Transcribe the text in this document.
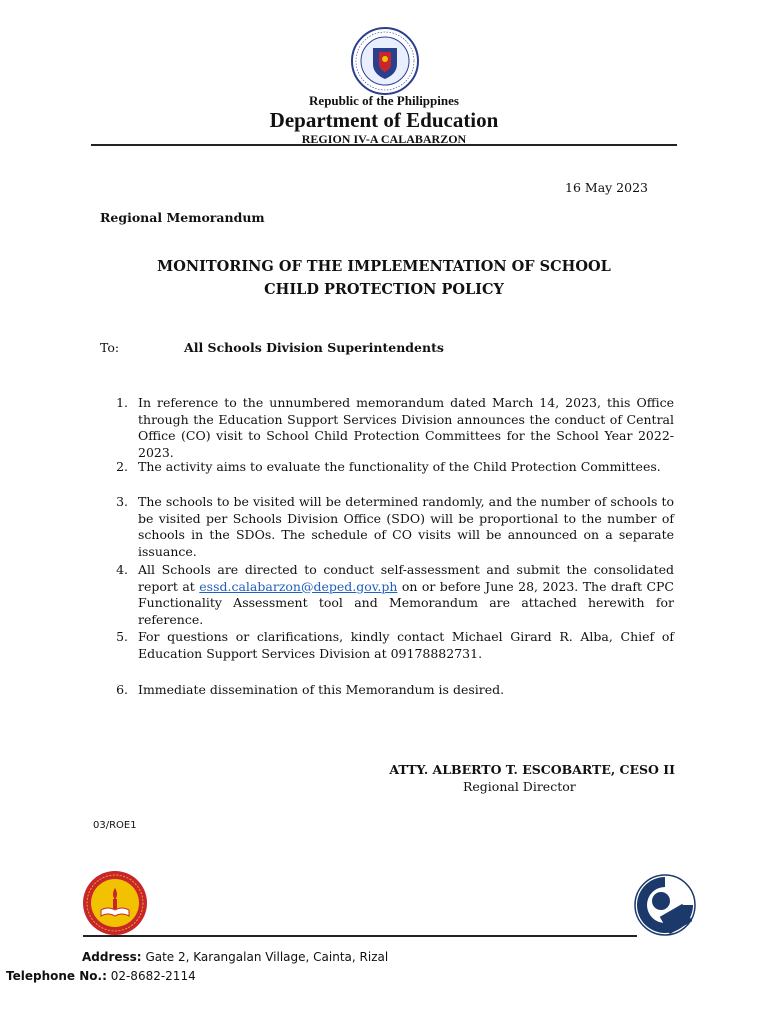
Republic of the Philippines
Department of Education
REGION IV-A CALABARZON
16 May 2023
Regional Memorandum
MONITORING OF THE IMPLEMENTATION OF SCHOOL CHILD PROTECTION POLICY
To:	All Schools Division Superintendents
1. In reference to the unnumbered memorandum dated March 14, 2023, this Office through the Education Support Services Division announces the conduct of Central Office (CO) visit to School Child Protection Committees for the School Year 2022-2023.
2. The activity aims to evaluate the functionality of the Child Protection Committees.
3. The schools to be visited will be determined randomly, and the number of schools to be visited per Schools Division Office (SDO) will be proportional to the number of schools in the SDOs. The schedule of CO visits will be announced on a separate issuance.
4. All Schools are directed to conduct self-assessment and submit the consolidated report at essd.calabarzon@deped.gov.ph on or before June 28, 2023. The draft CPC Functionality Assessment tool and Memorandum are attached herewith for reference.
5. For questions or clarifications, kindly contact Michael Girard R. Alba, Chief of Education Support Services Division at 09178882731.
6. Immediate dissemination of this Memorandum is desired.
ATTY. ALBERTO T. ESCOBARTE, CESO II
Regional Director
03/ROE1
Address: Gate 2, Karangalan Village, Cainta, Rizal
Telephone No.: 02-8682-2114
